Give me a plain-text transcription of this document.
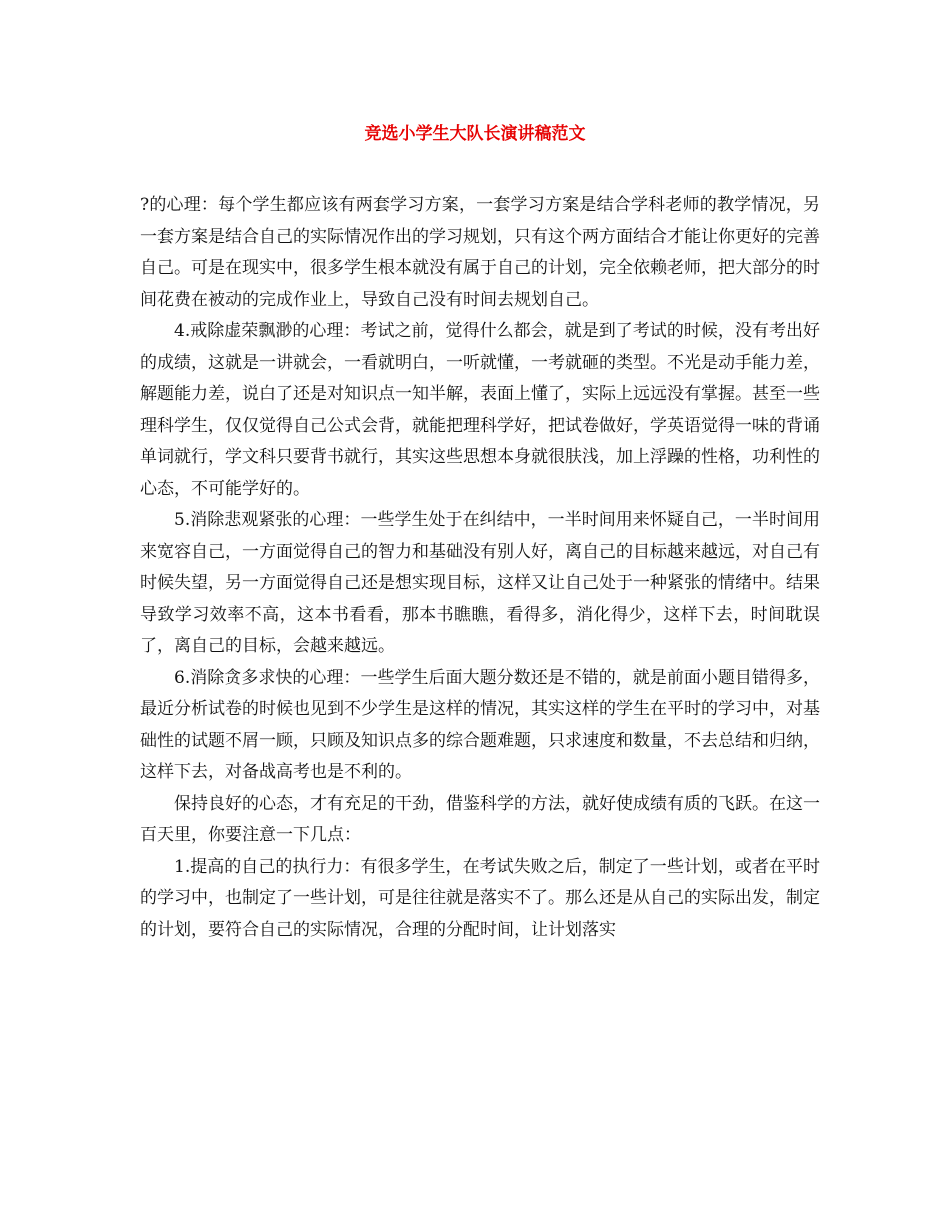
竞选小学生大队长演讲稿范文

?的心理：每个学生都应该有两套学习方案，一套学习方案是结合学科老师的教学情况，另一套方案是结合自己的实际情况作出的学习规划，只有这个两方面结合才能让你更好的完善自己。可是在现实中，很多学生根本就没有属于自己的计划，完全依赖老师，把大部分的时间花费在被动的完成作业上，导致自己没有时间去规划自己。

4.戒除虚荣飘渺的心理：考试之前，觉得什么都会，就是到了考试的时候，没有考出好的成绩，这就是一讲就会，一看就明白，一听就懂，一考就砸的类型。不光是动手能力差，解题能力差，说白了还是对知识点一知半解，表面上懂了，实际上远远没有掌握。甚至一些理科学生，仅仅觉得自己公式会背，就能把理科学好，把试卷做好，学英语觉得一味的背诵单词就行，学文科只要背书就行，其实这些思想本身就很肤浅，加上浮躁的性格，功利性的心态，不可能学好的。

5.消除悲观紧张的心理：一些学生处于在纠结中，一半时间用来怀疑自己，一半时间用来宽容自己，一方面觉得自己的智力和基础没有别人好，离自己的目标越来越远，对自己有时候失望，另一方面觉得自己还是想实现目标，这样又让自己处于一种紧张的情绪中。结果导致学习效率不高，这本书看看，那本书瞧瞧，看得多，消化得少，这样下去，时间耽误了，离自己的目标，会越来越远。

6.消除贪多求快的心理：一些学生后面大题分数还是不错的，就是前面小题目错得多，最近分析试卷的时候也见到不少学生是这样的情况，其实这样的学生在平时的学习中，对基础性的试题不屑一顾，只顾及知识点多的综合题难题，只求速度和数量，不去总结和归纳，这样下去，对备战高考也是不利的。

保持良好的心态，才有充足的干劲，借鉴科学的方法，就好使成绩有质的飞跃。在这一百天里，你要注意一下几点：

1.提高的自己的执行力：有很多学生，在考试失败之后，制定了一些计划，或者在平时的学习中，也制定了一些计划，可是往往就是落实不了。那么还是从自己的实际出发，制定的计划，要符合自己的实际情况，合理的分配时间，让计划落实
